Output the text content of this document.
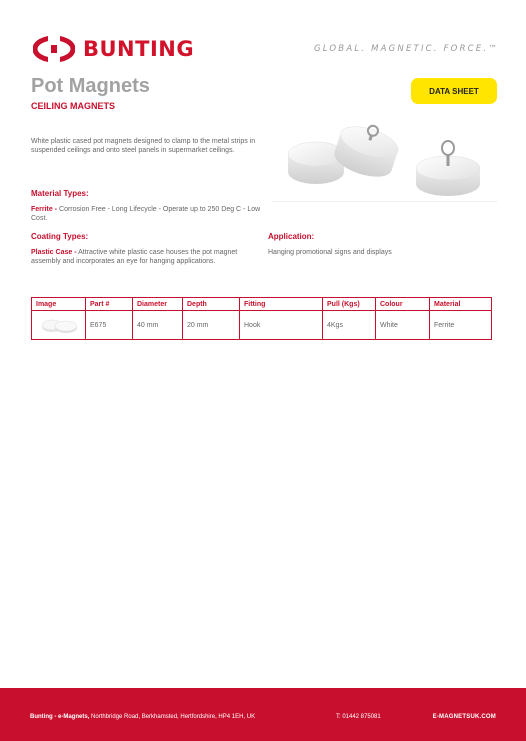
BUNTING	GLOBAL. MAGNETIC. FORCE.™
Pot Magnets
CEILING MAGNETS
DATA SHEET
White plastic cased pot magnets designed to clamp to the metal strips in suspended ceilings and onto steel panels in supermarket ceilings.
Material Types:
Ferrite - Corrosion Free - Long Lifecycle - Operate up to 250 Deg C - Low Cost.
Coating Types:
Plastic Case - Attractive white plastic case houses the pot magnet assembly and incorporates an eye for hanging applications.
Application:
Hanging promotional signs and displays
Image	Part #	Diameter	Depth	Fitting	Pull (Kgs)	Colour	Material

	E675	40 mm	20 mm	Hook	4Kgs	White	Ferrite
Bunting - e-Magnets, Northbridge Road, Berkhamsted, Hertfordshire, HP4 1EH, UK	T: 01442 875081	E-MAGNETSUK.COM
